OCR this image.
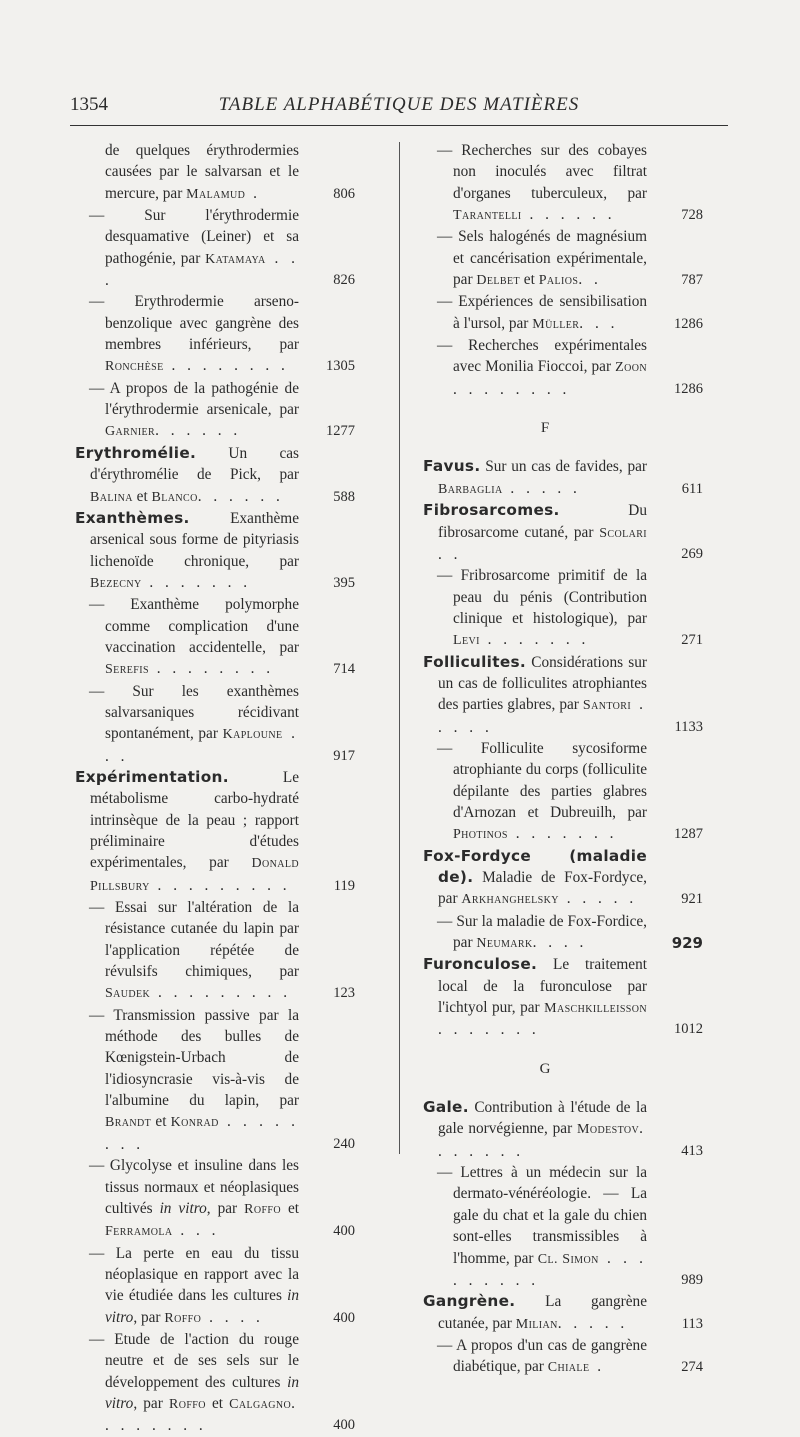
1354	TABLE ALPHABÉTIQUE DES MATIÈRES
de quelques érythrodermies causées par le salvarsan et le mercure, par Malamud .	806
— Sur l'érythrodermie desquamative (Leiner) et sa pathogénie, par Katamaya . . .	826
— Erythrodermie arseno-benzolique avec gangrène des membres inférieurs, par Ronchèse . . . . . . . .	1305
— A propos de la pathogénie de l'érythrodermie arsenicale, par Garnier. . . . . .	1277
Erythromélie. Un cas d'érythromélie de Pick, par Balina et Blanco. . . . . .	588
Exanthèmes. Exanthème arsenical sous forme de pityriasis lichenoïde chronique, par Bezecny . . . . . . .	395
— Exanthème polymorphe comme complication d'une vaccination accidentelle, par Serefis . . . . . . . .	714
— Sur les exanthèmes salvarsaniques récidivant spontanément, par Kaploune . . .	917
Expérimentation. Le métabolisme carbo-hydraté intrinsèque de la peau ; rapport préliminaire d'études expérimentales, par Donald Pillsbury . . . . . . . . .	119
— Essai sur l'altération de la résistance cutanée du lapin par l'application répétée de révulsifs chimiques, par Saudek . . . . . . . . .	123
— Transmission passive par la méthode des bulles de Kœnigstein-Urbach de l'idiosyncrasie vis-à-vis de l'albumine du lapin, par Brandt et Konrad . . . . . . . .	240
— Glycolyse et insuline dans les tissus normaux et néoplasiques cultivés in vitro, par Roffo et Ferramola . . .	400
— La perte en eau du tissu néoplasique en rapport avec la vie étudiée dans les cultures in vitro, par Roffo . . . .	400
— Etude de l'action du rouge neutre et de ses sels sur le développement des cultures in vitro, par Roffo et Calgagno. . . . . . . .	400
— Recherches sur des cobayes non inoculés avec filtrat d'organes tuberculeux, par Tarantelli . . . . . .	728
— Sels halogénés de magnésium et cancérisation expérimentale, par Delbet et Palios. .	787
— Expériences de sensibilisation à l'ursol, par Müller. . .	1286
— Recherches expérimentales avec Monilia Fioccoi, par Zoon . . . . . . . .	1286
F
Favus. Sur un cas de favides, par Barbaglia . . . . .	611
Fibrosarcomes. Du fibrosarcome cutané, par Scolari . .	269
— Fribrosarcome primitif de la peau du pénis (Contribution clinique et histologique), par Levi . . . . . . .	271
Folliculites. Considérations sur un cas de folliculites atrophiantes des parties glabres, par Santori . . . . .	1133
— Folliculite sycosiforme atrophiante du corps (folliculite dépilante des parties glabres d'Arnozan et Dubreuilh, par Photinos . . . . . . .	1287
Fox-Fordyce (maladie de). Maladie de Fox-Fordyce, par Arkhanghelsky . . . . .	921
— Sur la maladie de Fox-Fordice, par Neumark. . . .	929
Furonculose. Le traitement local de la furonculose par l'ichtyol pur, par Maschkilleisson . . . . . . .	1012
G
Gale. Contribution à l'étude de la gale norvégienne, par Modestov. . . . . . .	413
— Lettres à un médecin sur la dermato-vénéréologie. — La gale du chat et la gale du chien sont-elles transmissibles à l'homme, par Cl. Simon . . . . . . . . .	989
Gangrène. La gangrène cutanée, par Milian. . . . .	113
— A propos d'un cas de gangrène diabétique, par Chiale .	274
